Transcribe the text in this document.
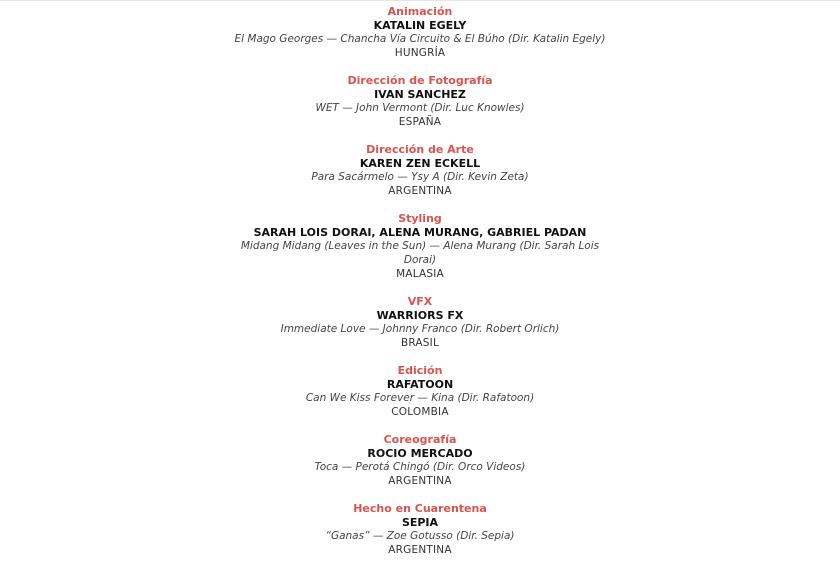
Animación
KATALIN EGELY
El Mago Georges — Chancha Vía Circuito & El Búho (Dir. Katalin Egely)
HUNGRÍA
Dirección de Fotografía
IVAN SANCHEZ
WET — John Vermont (Dir. Luc Knowles)
ESPAÑA
Dirección de Arte
KAREN ZEN ECKELL
Para Sacármelo — Ysy A (Dir. Kevin Zeta)
ARGENTINA
Styling
SARAH LOIS DORAI, ALENA MURANG, GABRIEL PADAN
Midang Midang (Leaves in the Sun) — Alena Murang (Dir. Sarah Lois Dorai)
MALASIA
VFX
WARRIORS FX
Immediate Love — Johnny Franco (Dir. Robert Orlich)
BRASIL
Edición
RAFATOON
Can We Kiss Forever — Kina (Dir. Rafatoon)
COLOMBIA
Coreografía
ROCIO MERCADO
Toca — Perotá Chingó (Dir. Orco Videos)
ARGENTINA
Hecho en Cuarentena
SEPIA
“Ganas” — Zoe Gotusso (Dir. Sepia)
ARGENTINA
